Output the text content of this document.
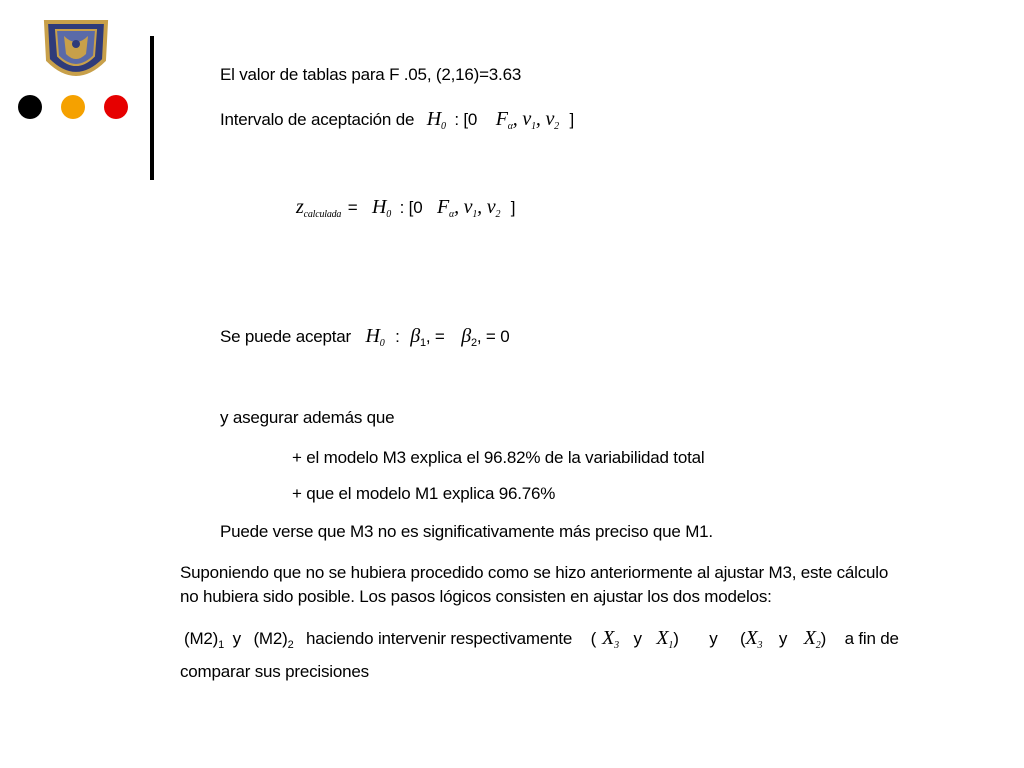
El valor de tablas para F .05, (2,16)=3.63
Intervalo de aceptación de $H_0$ : [0 $F_\alpha$, $\nu_1$, $\nu_2$ ]
$z_{calculada} = H_0$ : [0 $F_\alpha$, $\nu_1$, $\nu_2$ ]
Se puede aceptar $H_0$ : $\beta_1$, = $\beta_2$, = 0
y asegurar además que
+ el modelo M3 explica el 96.82% de la variabilidad total
+ que el modelo M1 explica 96.76%
Puede verse que M3 no es significativamente más preciso que M1.
Suponiendo que no se hubiera procedido como se hizo anteriormente al ajustar M3, este cálculo
no hubiera sido posible. Los pasos lógicos consisten en ajustar los dos modelos:
$(M2)_1$ y $(M2)_2$ haciendo intervenir respectivamente ( $X_3$ y $X_1$) y ($X_3$ y $X_2$) a fin de
comparar sus precisiones
